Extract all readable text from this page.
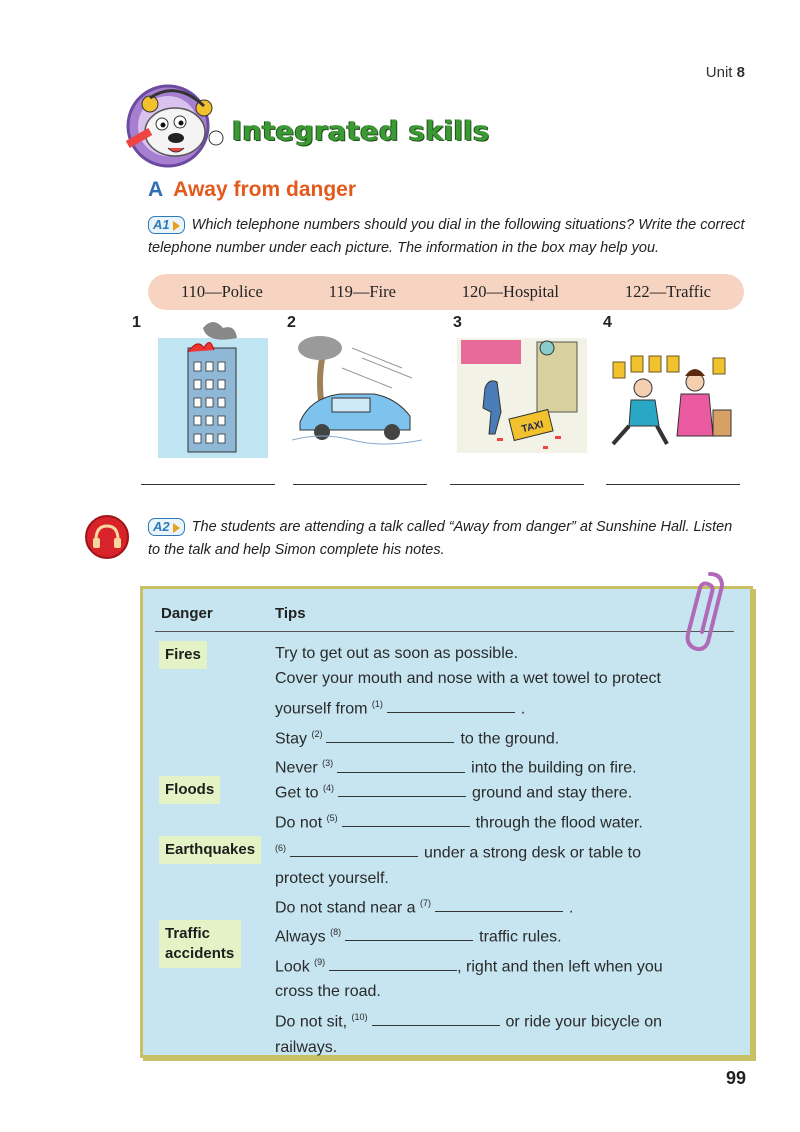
Unit 8
Integrated skills
A Away from danger
A1 Which telephone numbers should you dial in the following situations? Write the correct telephone number under each picture. The information in the box may help you.
110—Police	119—Fire	120—Hospital	122—Traffic
1	2	3	4
TAXI
A2 The students are attending a talk called “Away from danger” at Sunshine Hall. Listen to the talk and help Simon complete his notes.
Danger	Tips
Fires	Try to get out as soon as possible.
Cover your mouth and nose with a wet towel to protect
yourself from $^{(1)}$	.
Stay $^{(2)}$	to the ground.
Never $^{(3)}$	into the building on fire.
Floods	Get to $^{(4)}$	ground and stay there.
Do not $^{(5)}$	through the flood water.
Earthquakes	$^{(6)}$	under a strong desk or table to
protect yourself.
Do not stand near a $^{(7)}$	.
Traffic accidents
Always $^{(8)}$	traffic rules.
Look $^{(9)}$	, right and then left when you
cross the road.
Do not sit, $^{(10)}$	or ride your bicycle on
railways.
99
